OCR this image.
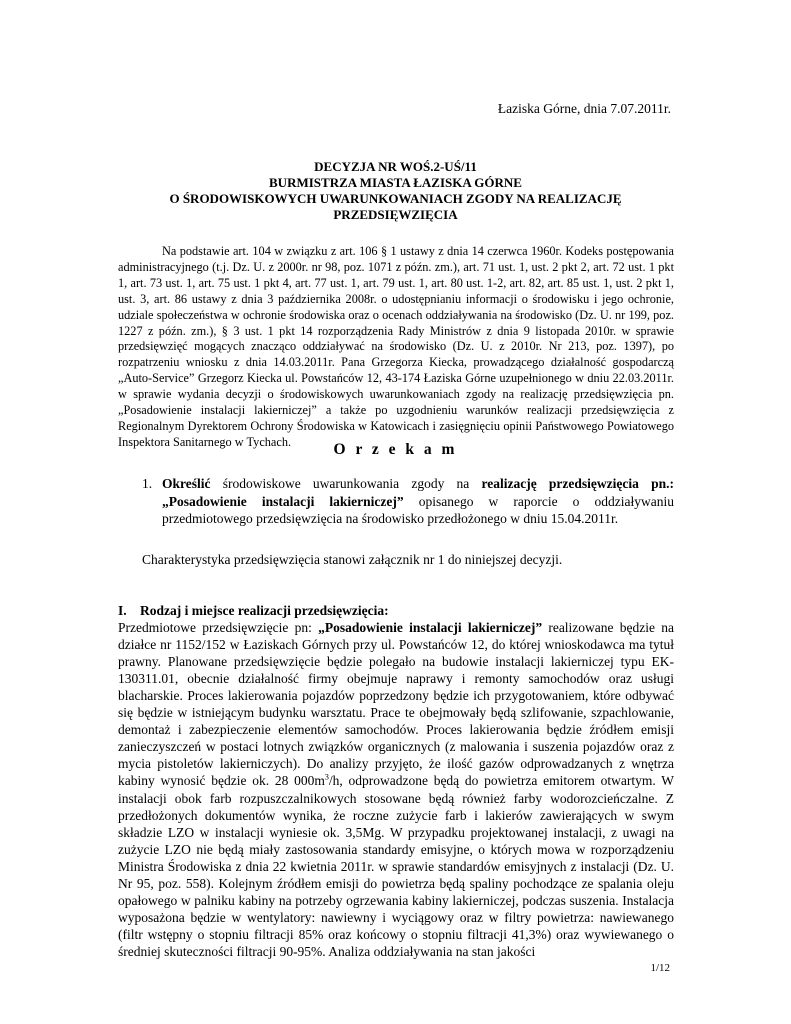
Łaziska Górne, dnia 7.07.2011r.
DECYZJA NR WOŚ.2-UŚ/11
BURMISTRZA MIASTA ŁAZISKA GÓRNE
O ŚRODOWISKOWYCH UWARUNKOWANIACH ZGODY NA REALIZACJĘ
PRZEDSIĘWZIĘCIA

Na podstawie art. 104 w związku z art. 106 § 1 ustawy z dnia 14 czerwca 1960r. Kodeks postępowania administracyjnego (t.j. Dz. U. z 2000r. nr 98, poz. 1071 z późn. zm.), art. 71 ust. 1, ust. 2 pkt 2, art. 72 ust. 1 pkt 1, art. 73 ust. 1, art. 75 ust. 1 pkt 4, art. 77 ust. 1, art. 79 ust. 1, art. 80 ust. 1-2, art. 82, art. 85 ust. 1, ust. 2 pkt 1, ust. 3, art. 86 ustawy z dnia 3 października 2008r. o udostępnianiu informacji o środowisku i jego ochronie, udziale społeczeństwa w ochronie środowiska oraz o ocenach oddziaływania na środowisko (Dz. U. nr 199, poz. 1227 z późn. zm.), § 3 ust. 1 pkt 14 rozporządzenia Rady Ministrów z dnia 9 listopada 2010r. w sprawie przedsięwzięć mogących znacząco oddziaływać na środowisko (Dz. U. z 2010r. Nr 213, poz. 1397), po rozpatrzeniu wniosku z dnia 14.03.2011r. Pana Grzegorza Kiecka, prowadzącego działalność gospodarczą „Auto-Service” Grzegorz Kiecka ul. Powstańców 12, 43-174 Łaziska Górne uzupełnionego w dniu 22.03.2011r. w sprawie wydania decyzji o środowiskowych uwarunkowaniach zgody na realizację przedsięwzięcia pn. „Posadowienie instalacji lakierniczej” a także po uzgodnieniu warunków realizacji przedsięwzięcia z Regionalnym Dyrektorem Ochrony Środowiska w Katowicach i zasięgnięciu opinii Państwowego Powiatowego Inspektora Sanitarnego w Tychach.	O r z e k a m
1. Określić środowiskowe uwarunkowania zgody na realizację przedsięwzięcia pn.: „Posadowienie instalacji lakierniczej” opisanego w raporcie o oddziaływaniu przedmiotowego przedsięwzięcia na środowisko przedłożonego w dniu 15.04.2011r.
Charakterystyka przedsięwzięcia stanowi załącznik nr 1 do niniejszej decyzji.
I. Rodzaj i miejsce realizacji przedsięwzięcia:

Przedmiotowe przedsięwzięcie pn: „Posadowienie instalacji lakierniczej” realizowane będzie na działce nr 1152/152 w Łaziskach Górnych przy ul. Powstańców 12, do której wnioskodawca ma tytuł prawny. Planowane przedsięwzięcie będzie polegało na budowie instalacji lakierniczej typu EK-130311.01, obecnie działalność firmy obejmuje naprawy i remonty samochodów oraz usługi blacharskie. Proces lakierowania pojazdów poprzedzony będzie ich przygotowaniem, które odbywać się będzie w istniejącym budynku warsztatu. Prace te obejmowały będą szlifowanie, szpachlowanie, demontaż i zabezpieczenie elementów samochodów. Proces lakierowania będzie źródłem emisji zanieczyszczeń w postaci lotnych związków organicznych (z malowania i suszenia pojazdów oraz z mycia pistoletów lakierniczych). Do analizy przyjęto, że ilość gazów odprowadzanych z wnętrza kabiny wynosić będzie ok. 28 $000m^3/h$, odprowadzone będą do powietrza emitorem otwartym. W instalacji obok farb rozpuszczalnikowych stosowane będą również farby wodorozcieńczalne. Z przedłożonych dokumentów wynika, że roczne zużycie farb i lakierów zawierających w swym składzie LZO w instalacji wyniesie ok. 3,5Mg. W przypadku projektowanej instalacji, z uwagi na zużycie LZO nie będą miały zastosowania standardy emisyjne, o których mowa w rozporządzeniu Ministra Środowiska z dnia 22 kwietnia 2011r. w sprawie standardów emisyjnych z instalacji (Dz. U. Nr 95, poz. 558). Kolejnym źródłem emisji do powietrza będą spaliny pochodzące ze spalania oleju opałowego w palniku kabiny na potrzeby ogrzewania kabiny lakierniczej, podczas suszenia. Instalacja wyposażona będzie w wentylatory: nawiewny i wyciągowy oraz w filtry powietrza: nawiewanego (filtr wstępny o stopniu filtracji 85% oraz końcowy o stopniu filtracji 41,3%) oraz wywiewanego o średniej skuteczności filtracji 90-95%. Analiza oddziaływania na stan jakości

1/12
